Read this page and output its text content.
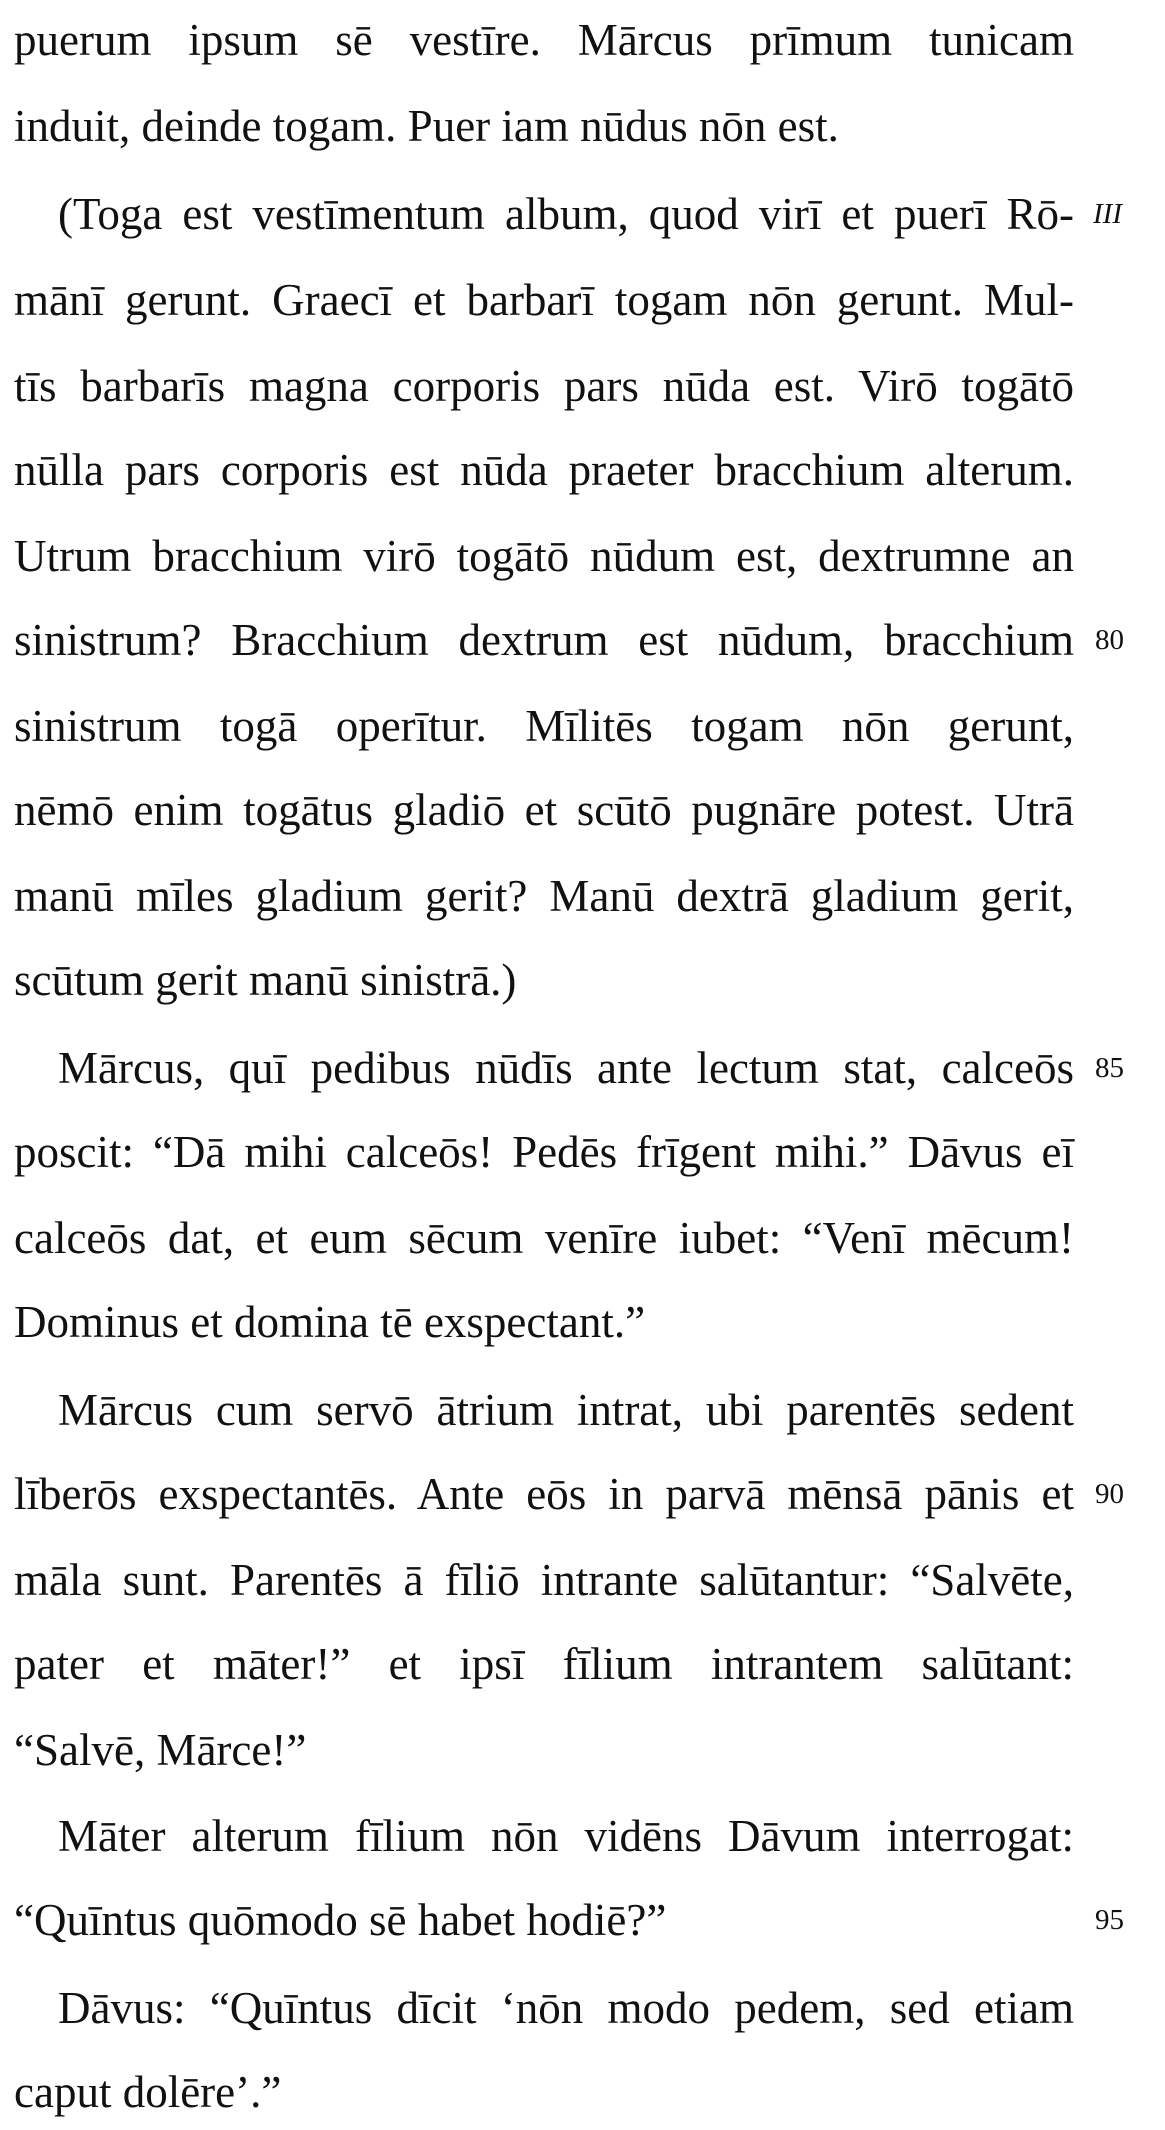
puerum ipsum sē vestīre. Mārcus prīmum tunicam
induit, deinde togam. Puer iam nūdus nōn est.
(Toga est vestīmentum album, quod virī et puerī Rō-
mānī gerunt. Graecī et barbarī togam nōn gerunt. Mul-
tīs barbarīs magna corporis pars nūda est. Virō togātō
nūlla pars corporis est nūda praeter bracchium alterum.
Utrum bracchium virō togātō nūdum est, dextrumne an
sinistrum? Bracchium dextrum est nūdum, bracchium
sinistrum togā operītur. Mīlitēs togam nōn gerunt,
nēmō enim togātus gladiō et scūtō pugnāre potest. Utrā
manū mīles gladium gerit? Manū dextrā gladium gerit,
scūtum gerit manū sinistrā.)
Mārcus, quī pedibus nūdīs ante lectum stat, calceōs
poscit: “Dā mihi calceōs! Pedēs frīgent mihi.” Dāvus eī
calceōs dat, et eum sēcum venīre iubet: “Venī mēcum!
Dominus et domina tē exspectant.”
Mārcus cum servō ātrium intrat, ubi parentēs sedent
līberōs exspectantēs. Ante eōs in parvā mēnsā pānis et
māla sunt. Parentēs ā fīliō intrante salūtantur: “Salvēte,
pater et māter!” et ipsī fīlium intrantem salūtant:
“Salvē, Mārce!”
Māter alterum fīlium nōn vidēns Dāvum interrogat:
“Quīntus quōmodo sē habet hodiē?”
Dāvus: “Quīntus dīcit ‘nōn modo pedem, sed etiam
caput dolēre’.”
III
80
85
90
95
